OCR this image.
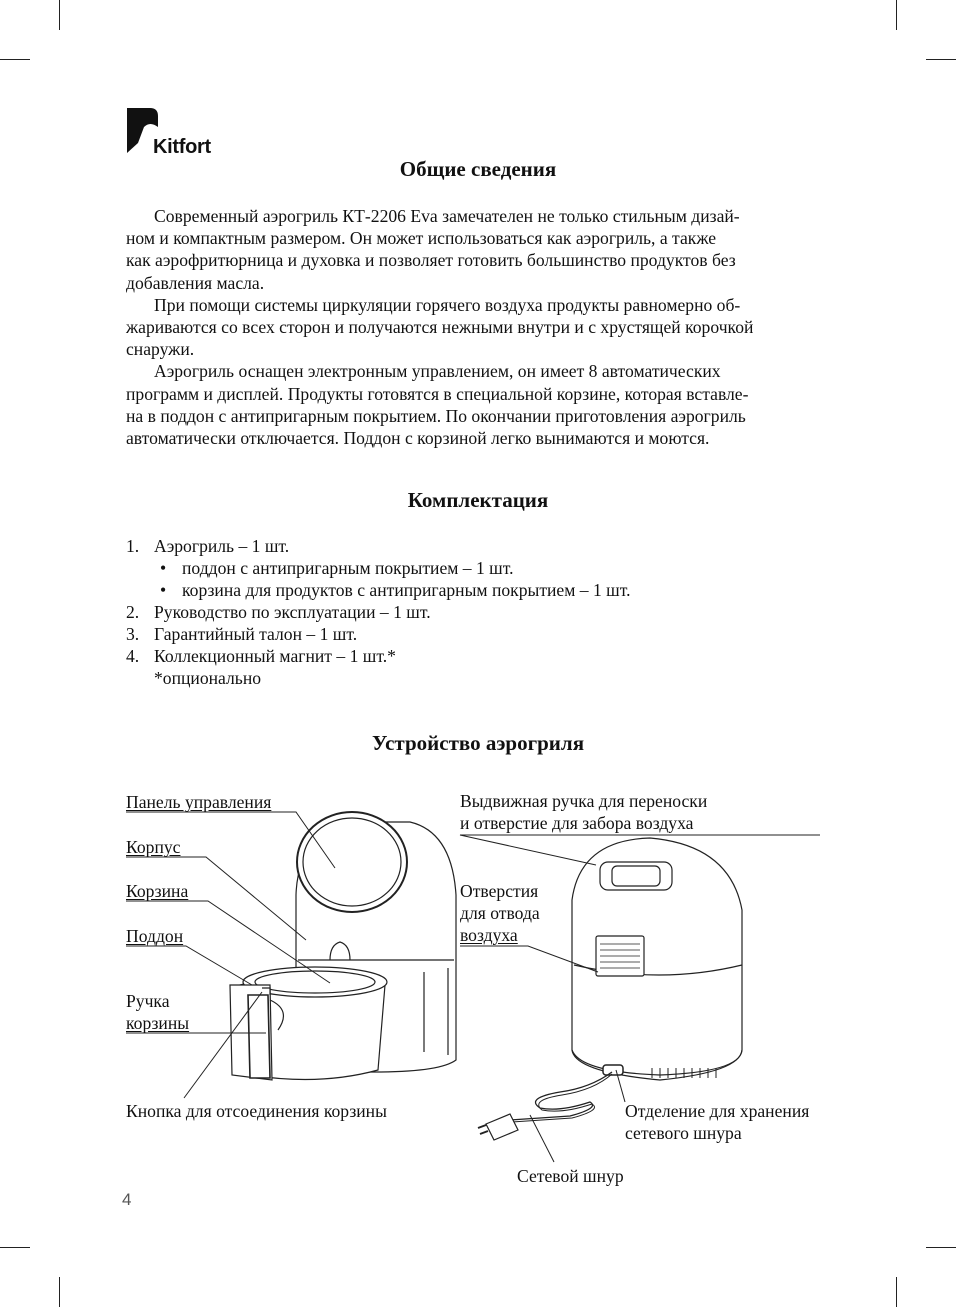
Kitfort
Общие сведения
Современный аэрогриль КТ-2206 Eva замечателен не только стильным дизай-
ном и компактным размером. Он может использоваться как аэрогриль, а также
как аэрофритюрница и духовка и позволяет готовить большинство продуктов без
добавления масла.
При помощи системы циркуляции горячего воздуха продукты равномерно об-
жариваются со всех сторон и получаются нежными внутри и с хрустящей корочкой
снаружи.
Аэрогриль оснащен электронным управлением, он имеет 8 автоматических
программ и дисплей. Продукты готовятся в специальной корзине, которая вставле-
на в поддон с антипригарным покрытием. По окончании приготовления аэрогриль
автоматически отключается. Поддон с корзиной легко вынимаются и моются.
Комплектация
1. Аэрогриль – 1 шт.
• поддон с антипригарным покрытием – 1 шт.
• корзина для продуктов с антипригарным покрытием – 1 шт.
2. Руководство по эксплуатации – 1 шт.
3. Гарантийный талон – 1 шт.
4. Коллекционный магнит – 1 шт.*
*опционально
Устройство аэрогриля
Панель управления
Корпус
Корзина
Поддон
Ручка
корзины
Кнопка для отсоединения корзины
Выдвижная ручка для переноски
и отверстие для забора воздуха
Отверстия
для отвода
воздуха
Отделение для хранения
сетевого шнура
Сетевой шнур
4
